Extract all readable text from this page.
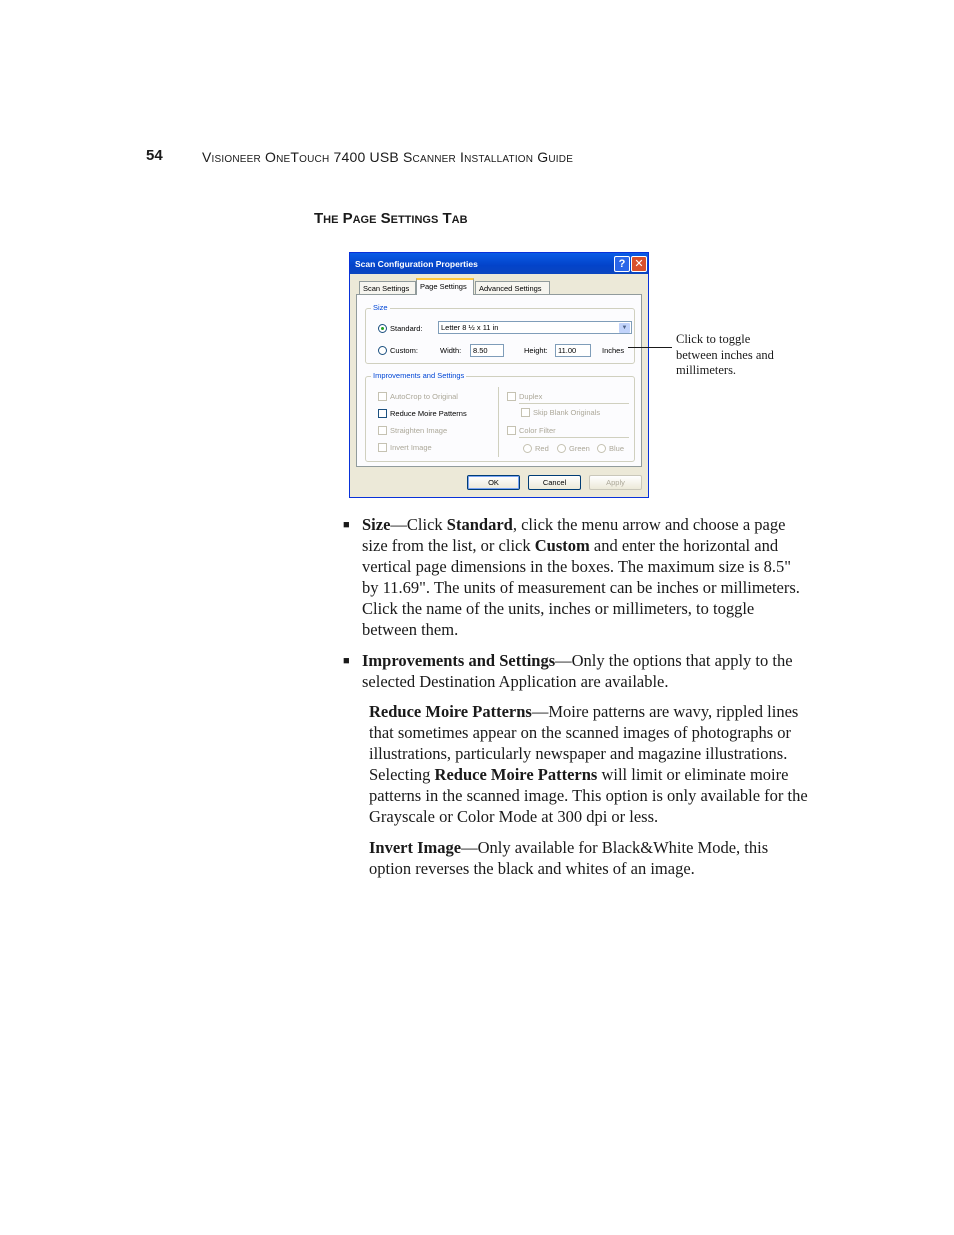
54	Visioneer OneTouch 7400 USB Scanner Installation Guide
The Page Settings Tab
Scan Configuration Properties	? ✕
Scan Settings	Page Settings	Advanced Settings
Size
Standard:	Letter 8 ½ x 11 in	▼
Custom:	Width:	8.50	Height:	11.00	Inches
Improvements and Settings
AutoCrop to Original
Reduce Moire Patterns
Straighten Image
Invert Image
Duplex
Skip Blank Originals
Color Filter
Red	Green	Blue
OK	Cancel	Apply
Click to toggle between inches and millimeters.
■ Size—Click Standard, click the menu arrow and choose a page size from the list, or click Custom and enter the horizontal and vertical page dimensions in the boxes. The maximum size is 8.5" by 11.69". The units of measurement can be inches or millimeters. Click the name of the units, inches or millimeters, to toggle between them.
■ Improvements and Settings—Only the options that apply to the selected Destination Application are available.
Reduce Moire Patterns—Moire patterns are wavy, rippled lines that sometimes appear on the scanned images of photographs or illustrations, particularly newspaper and magazine illustrations. Selecting Reduce Moire Patterns will limit or eliminate moire patterns in the scanned image. This option is only available for the Grayscale or Color Mode at 300 dpi or less.
Invert Image—Only available for Black&White Mode, this option reverses the black and whites of an image.
